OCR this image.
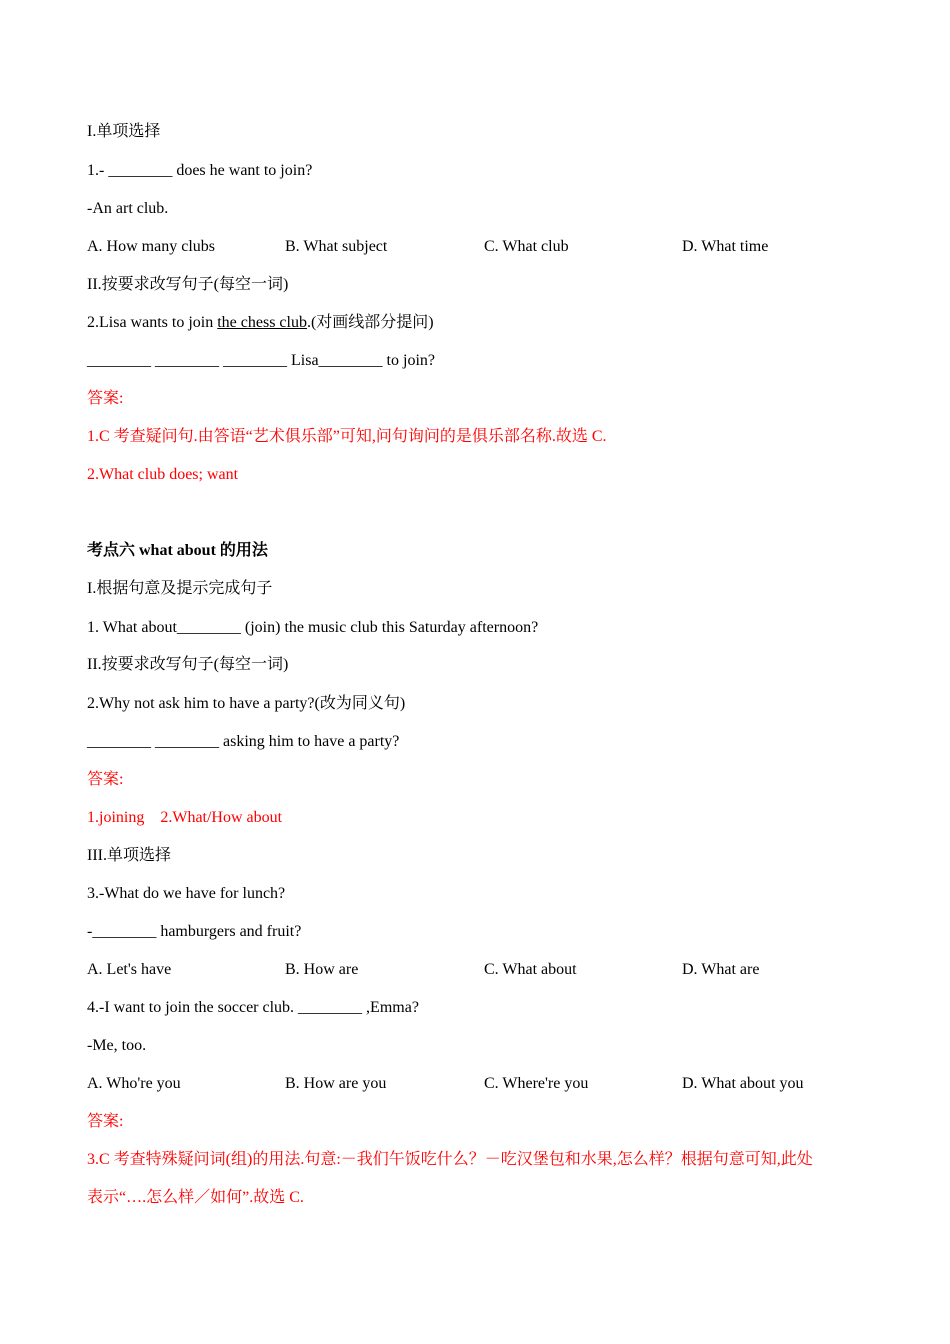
I.单项选择
1.- ________ does he want to join?
-An art club.
A. How many clubs	B. What subject	C. What club	D. What time
II.按要求改写句子(每空一词)
2.Lisa wants to join the chess club.(对画线部分提问)
________ ________ ________ Lisa________ to join?
答案:
1.C 考查疑问句.由答语“艺术俱乐部”可知,问句询问的是俱乐部名称.故选 C.
2.What club does; want
考点六 what about 的用法
I.根据句意及提示完成句子
1. What about________ (join) the music club this Saturday afternoon?
II.按要求改写句子(每空一词)
2.Why not ask him to have a party?(改为同义句)
________ ________ asking him to have a party?
答案:
1.joining    2.What/How about
III.单项选择
3.-What do we have for lunch?
-________ hamburgers and fruit?
A. Let's have	B. How are	C. What about	D. What are
4.-I want to join the soccer club. ________ ,Emma?
-Me, too.
A. Who're you	B. How are you	C. Where're you	D. What about you
答案:
3.C 考查特殊疑问词(组)的用法.句意:－我们午饭吃什么？－吃汉堡包和水果,怎么样？根据句意可知,此处
表示“….怎么样／如何”.故选 C.
